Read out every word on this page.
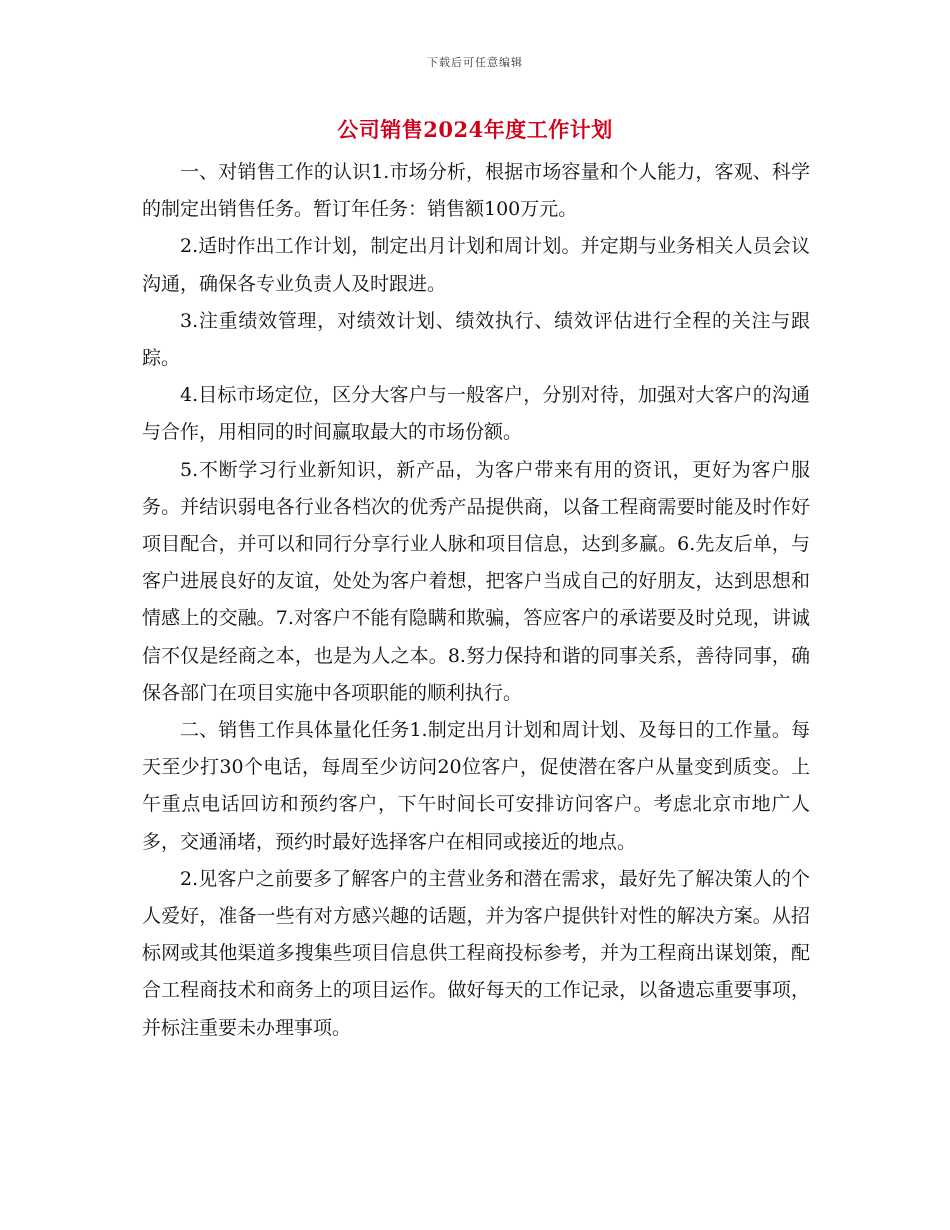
下载后可任意编辑
公司销售2024年度工作计划

一、对销售工作的认识1.市场分析，根据市场容量和个人能力，客观、科学的制定出销售任务。暂订年任务：销售额100万元。

2.适时作出工作计划，制定出月计划和周计划。并定期与业务相关人员会议沟通，确保各专业负责人及时跟进。

3.注重绩效管理，对绩效计划、绩效执行、绩效评估进行全程的关注与跟踪。

4.目标市场定位，区分大客户与一般客户，分别对待，加强对大客户的沟通与合作，用相同的时间赢取最大的市场份额。

5.不断学习行业新知识，新产品，为客户带来有用的资讯，更好为客户服务。并结识弱电各行业各档次的优秀产品提供商，以备工程商需要时能及时作好项目配合，并可以和同行分享行业人脉和项目信息，达到多赢。6.先友后单，与客户进展良好的友谊，处处为客户着想，把客户当成自己的好朋友，达到思想和情感上的交融。7.对客户不能有隐瞒和欺骗，答应客户的承诺要及时兑现，讲诚信不仅是经商之本，也是为人之本。8.努力保持和谐的同事关系，善待同事，确保各部门在项目实施中各项职能的顺利执行。

二、销售工作具体量化任务1.制定出月计划和周计划、及每日的工作量。每天至少打30个电话，每周至少访问20位客户，促使潜在客户从量变到质变。上午重点电话回访和预约客户，下午时间长可安排访问客户。考虑北京市地广人多，交通涌堵，预约时最好选择客户在相同或接近的地点。

2.见客户之前要多了解客户的主营业务和潜在需求，最好先了解决策人的个人爱好，准备一些有对方感兴趣的话题，并为客户提供针对性的解决方案。从招标网或其他渠道多搜集些项目信息供工程商投标参考，并为工程商出谋划策，配合工程商技术和商务上的项目运作。做好每天的工作记录，以备遗忘重要事项，并标注重要未办理事项。
